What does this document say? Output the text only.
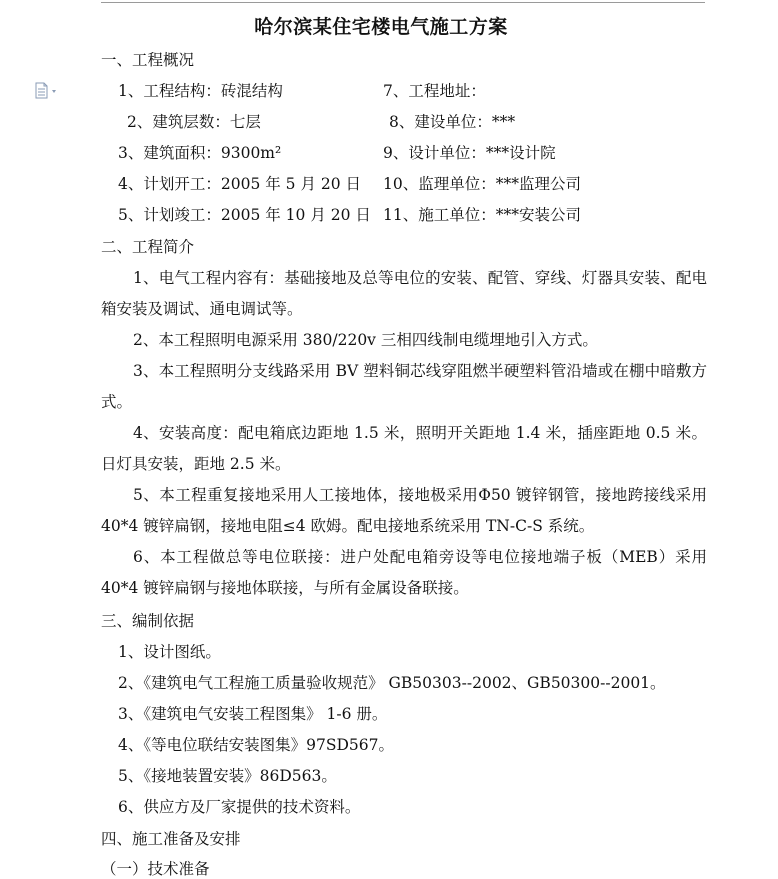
哈尔滨某住宅楼电气施工方案
一、工程概况
1、工程结构：砖混结构	7、工程地址：
2、建筑层数：七层	8、建设单位：***
3、建筑面积：9300m²	9、设计单位：***设计院
4、计划开工：2005 年 5 月 20 日 10、监理单位：***监理公司
5、计划竣工：2005 年 10 月 20 日 11、施工单位：***安装公司
二、工程简介

1、电气工程内容有：基础接地及总等电位的安装、配管、穿线、灯器具安装、配电箱安装及调试、通电调试等。

2、本工程照明电源采用 380/220v 三相四线制电缆埋地引入方式。

3、本工程照明分支线路采用 BV 塑料铜芯线穿阻燃半硬塑料管沿墙或在棚中暗敷方式。

4、安装高度：配电箱底边距地 1.5 米，照明开关距地 1.4 米，插座距地 0.5 米。 日灯具安装，距地 2.5 米。

5、本工程重复接地采用人工接地体，接地极采用Φ50 镀锌钢管，接地跨接线采用 40*4 镀锌扁钢，接地电阻≤4 欧姆。配电接地系统采用 TN-C-S 系统。

6、本工程做总等电位联接：进户处配电箱旁设等电位接地端子板（MEB）采用 40*4 镀锌扁钢与接地体联接，与所有金属设备联接。

三、编制依据
1、设计图纸。
2、《建筑电气工程施工质量验收规范》 GB50303--2002、GB50300--2001。
3、《建筑电气安装工程图集》 1-6 册。
4、《等电位联结安装图集》97SD567。
5、《接地装置安装》86D563。
6、供应方及厂家提供的技术资料。
四、施工准备及安排
（一）技术准备
